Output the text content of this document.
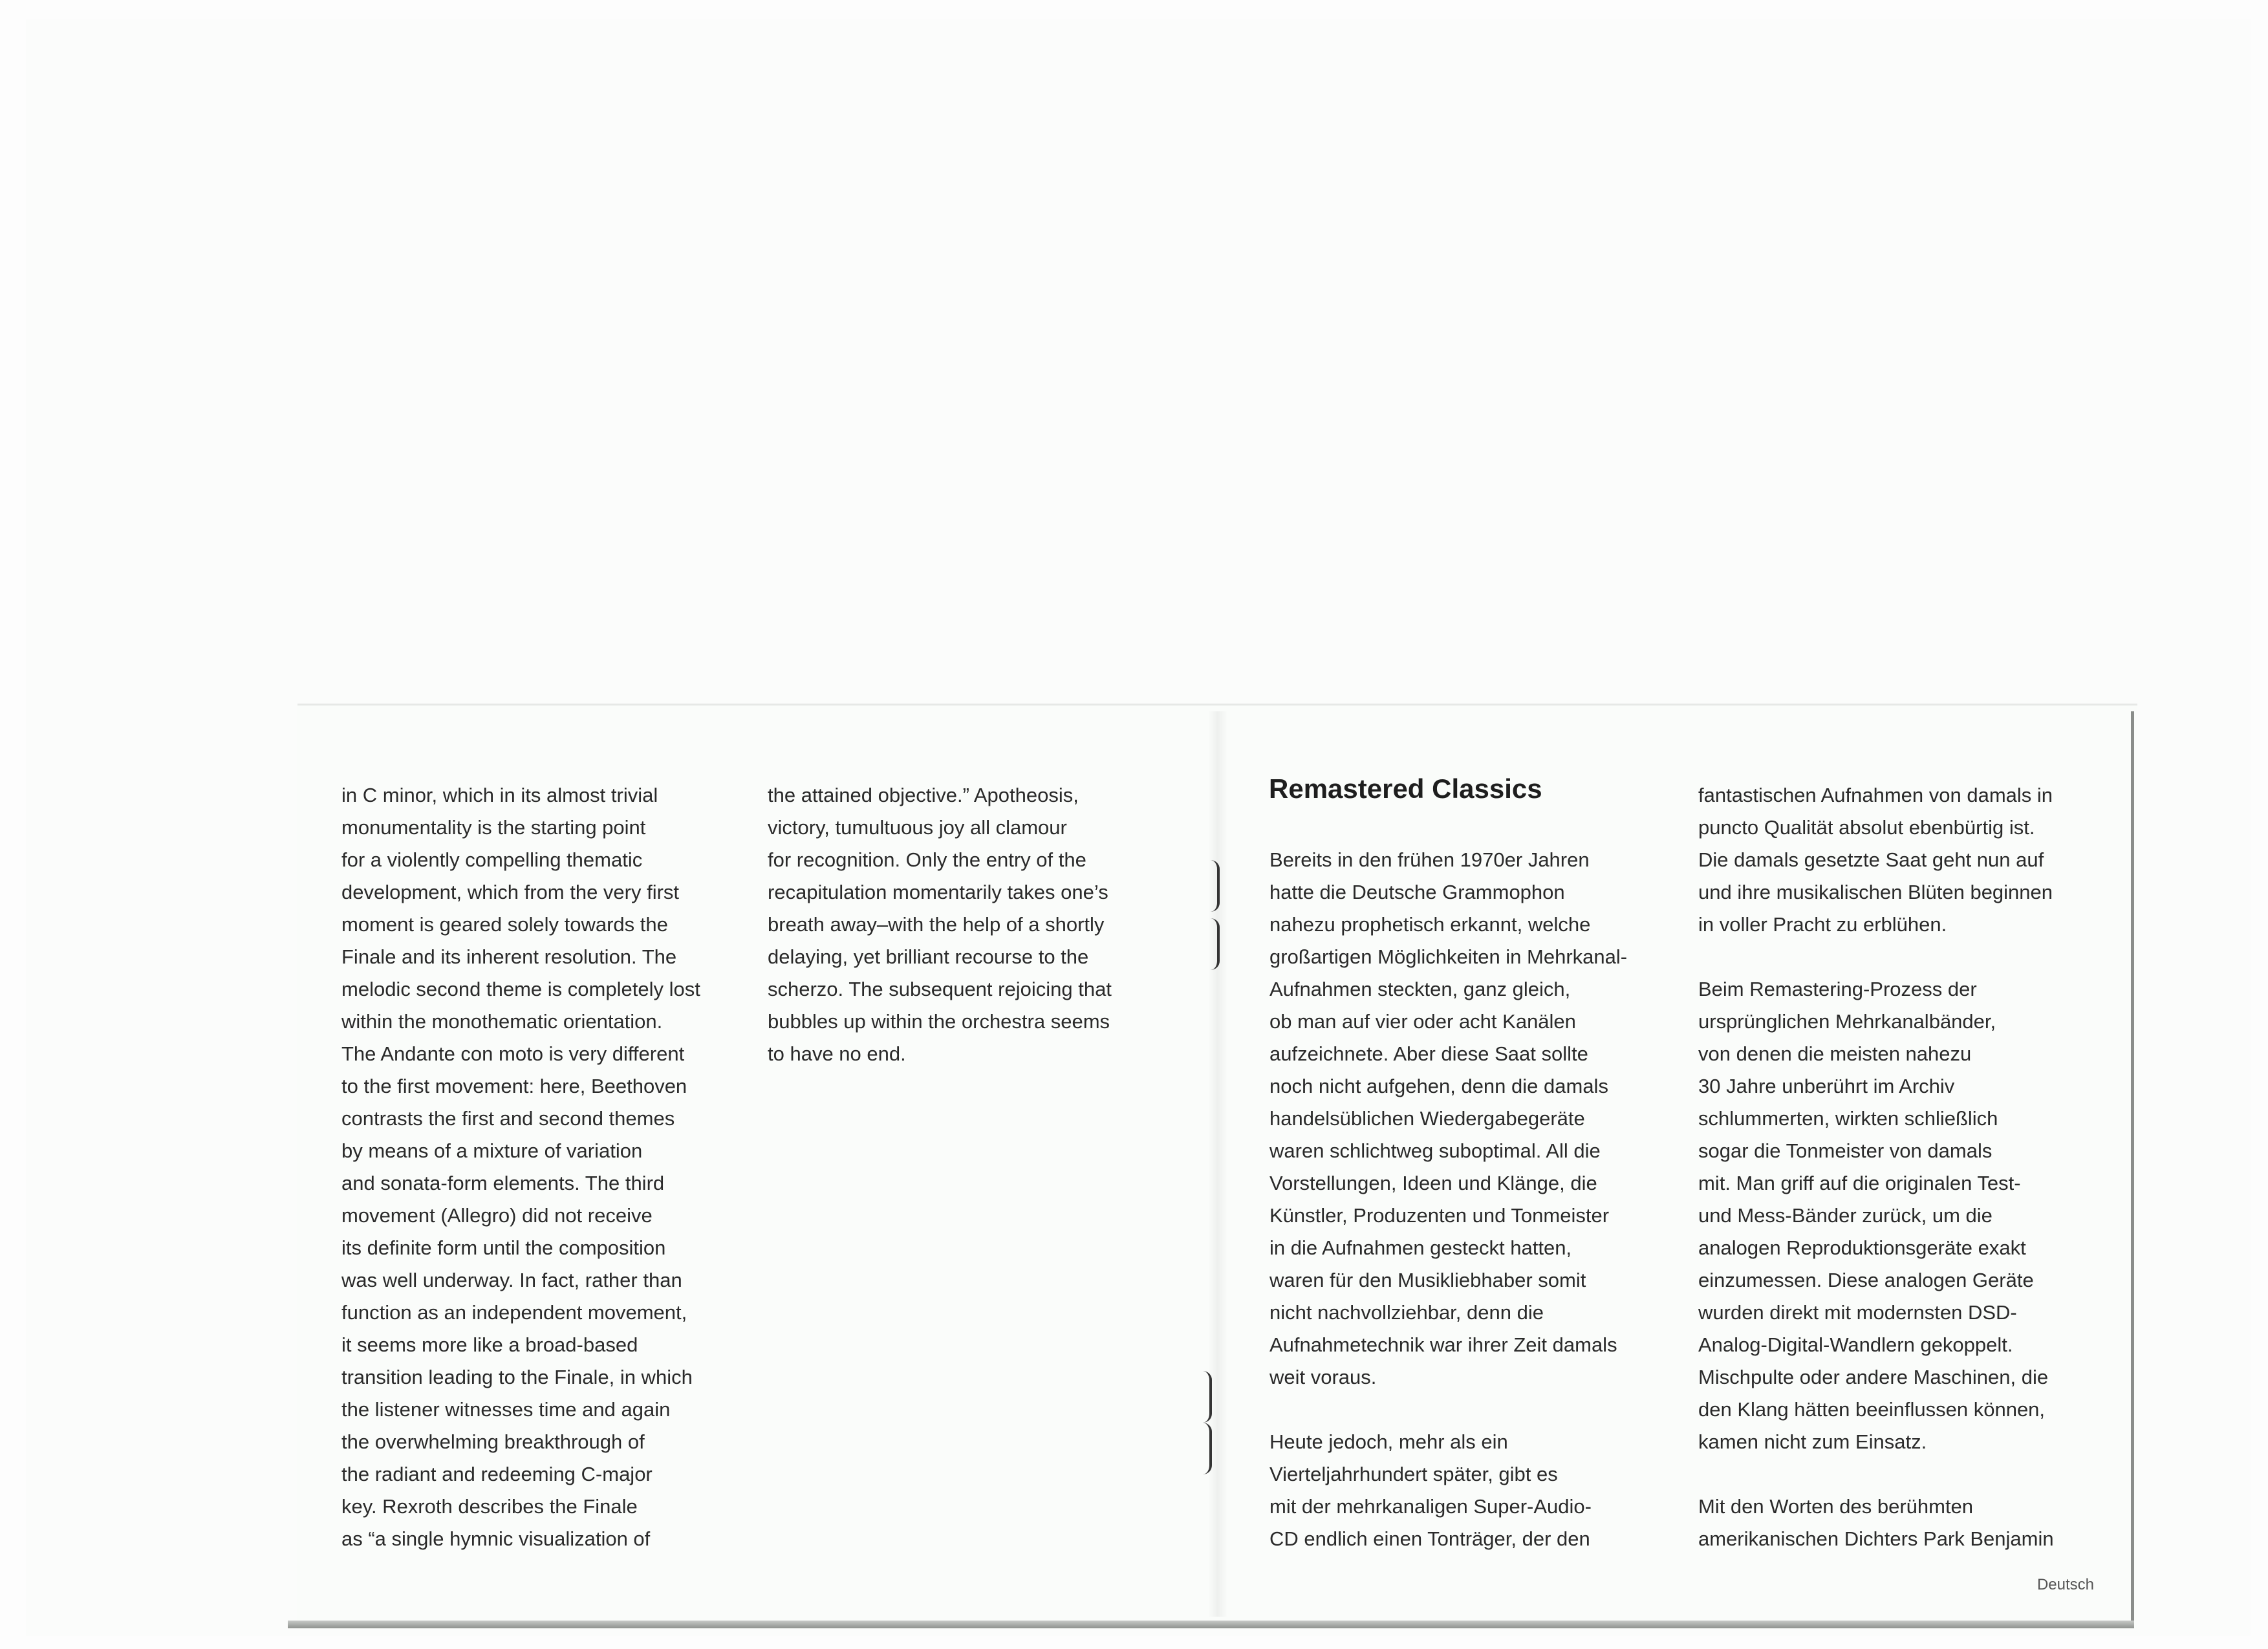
in C minor, which in its almost trivial
monumentality is the starting point
for a violently compelling thematic
development, which from the very first
moment is geared solely towards the
Finale and its inherent resolution. The
melodic second theme is completely lost
within the monothematic orientation.
The Andante con moto is very different
to the first movement: here, Beethoven
contrasts the first and second themes
by means of a mixture of variation
and sonata-form elements. The third
movement (Allegro) did not receive
its definite form until the composition
was well underway. In fact, rather than
function as an independent movement,
it seems more like a broad-based
transition leading to the Finale, in which
the listener witnesses time and again
the overwhelming breakthrough of
the radiant and redeeming C-major
key. Rexroth describes the Finale
as “a single hymnic visualization of
the attained objective.” Apotheosis,
victory, tumultuous joy all clamour
for recognition. Only the entry of the
recapitulation momentarily takes one’s
breath away–with the help of a shortly
delaying, yet brilliant recourse to the
scherzo. The subsequent rejoicing that
bubbles up within the orchestra seems
to have no end.
Remastered Classics
Bereits in den frühen 1970er Jahren
hatte die Deutsche Grammophon
nahezu prophetisch erkannt, welche
großartigen Möglichkeiten in Mehrkanal-
Aufnahmen steckten, ganz gleich,
ob man auf vier oder acht Kanälen
aufzeichnete. Aber diese Saat sollte
noch nicht aufgehen, denn die damals
handelsüblichen Wiedergabegeräte
waren schlichtweg suboptimal. All die
Vorstellungen, Ideen und Klänge, die
Künstler, Produzenten und Tonmeister
in die Aufnahmen gesteckt hatten,
waren für den Musikliebhaber somit
nicht nachvollziehbar, denn die
Aufnahmetechnik war ihrer Zeit damals
weit voraus.
Heute jedoch, mehr als ein
Vierteljahrhundert später, gibt es
mit der mehrkanaligen Super-Audio-
CD endlich einen Tonträger, der den
fantastischen Aufnahmen von damals in
puncto Qualität absolut ebenbürtig ist.
Die damals gesetzte Saat geht nun auf
und ihre musikalischen Blüten beginnen
in voller Pracht zu erblühen.
Beim Remastering-Prozess der
ursprünglichen Mehrkanalbänder,
von denen die meisten nahezu
30 Jahre unberührt im Archiv
schlummerten, wirkten schließlich
sogar die Tonmeister von damals
mit. Man griff auf die originalen Test-
und Mess-Bänder zurück, um die
analogen Reproduktionsgeräte exakt
einzumessen. Diese analogen Geräte
wurden direkt mit modernsten DSD-
Analog-Digital-Wandlern gekoppelt.
Mischpulte oder andere Maschinen, die
den Klang hätten beeinflussen können,
kamen nicht zum Einsatz.
Mit den Worten des berühmten
amerikanischen Dichters Park Benjamin
Deutsch
